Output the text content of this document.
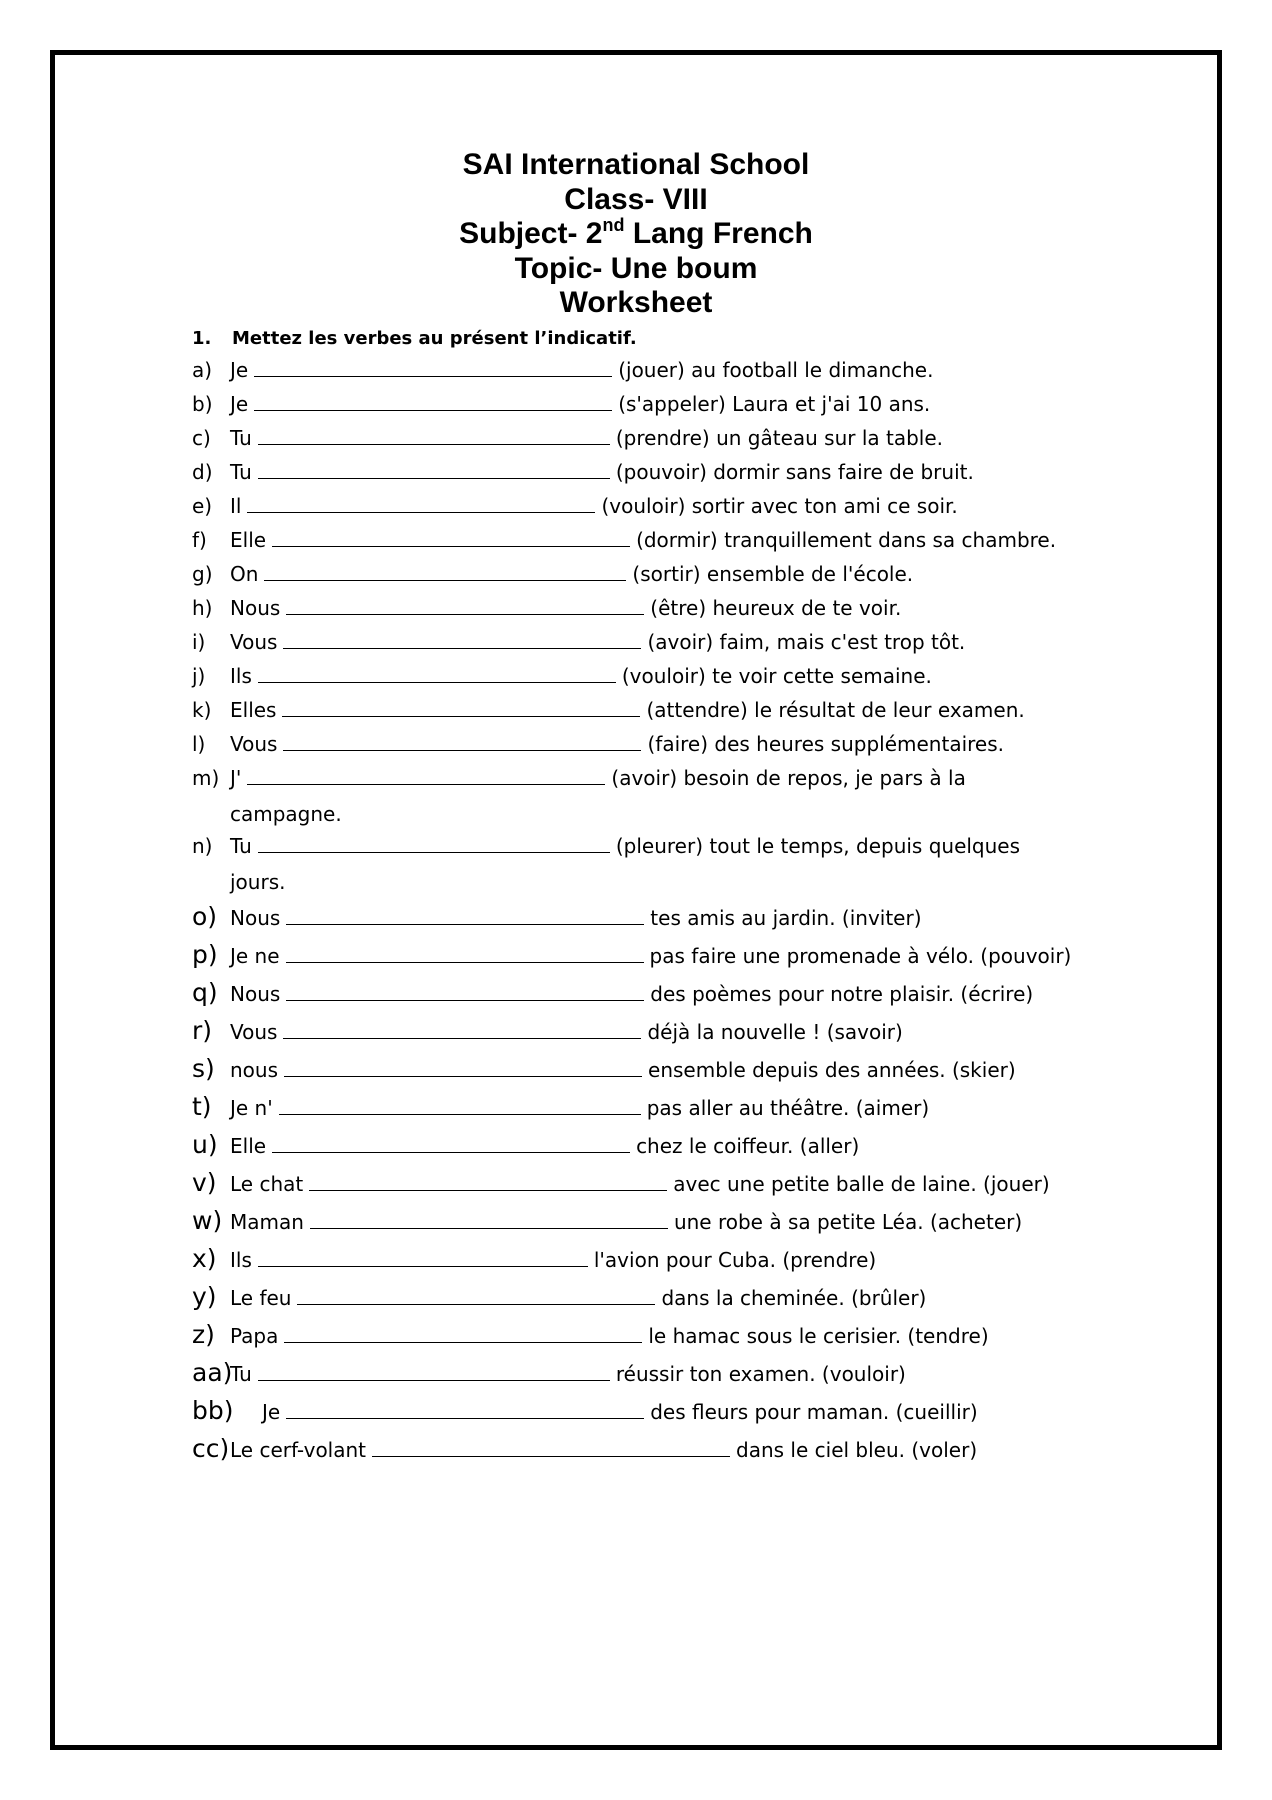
SAI International School
Class- VIII
Subject- 2nd Lang French
Topic- Une boum
Worksheet
1. Mettez les verbes au présent l’indicatif.
a) Je	(jouer) au football le dimanche.
b) Je	(s'appeler) Laura et j'ai 10 ans.
c) Tu	(prendre) un gâteau sur la table.
d) Tu	(pouvoir) dormir sans faire de bruit.
e) Il	(vouloir) sortir avec ton ami ce soir.
f) Elle	(dormir) tranquillement dans sa chambre.
g) On	(sortir) ensemble de l'école.
h) Nous	(être) heureux de te voir.
i) Vous	(avoir) faim, mais c'est trop tôt.
j) Ils	(vouloir) te voir cette semaine.
k) Elles	(attendre) le résultat de leur examen.
l) Vous	(faire) des heures supplémentaires.
m) J'	(avoir) besoin de repos, je pars à la
campagne.
n) Tu	(pleurer) tout le temps, depuis quelques
jours.
o) Nous	tes amis au jardin. (inviter)
p) Je ne	pas faire une promenade à vélo. (pouvoir)
q) Nous	des poèmes pour notre plaisir. (écrire)
r) Vous	déjà la nouvelle ! (savoir)
s) nous	ensemble depuis des années. (skier)
t) Je n'	pas aller au théâtre. (aimer)
u) Elle	chez le coiffeur. (aller)
v) Le chat	avec une petite balle de laine. (jouer)
w) Maman	une robe à sa petite Léa. (acheter)
x) Ils	l'avion pour Cuba. (prendre)
y) Le feu	dans la cheminée. (brûler)
z) Papa	le hamac sous le cerisier. (tendre)
aa)Tu	réussir ton examen. (vouloir)
bb) Je	des fleurs pour maman. (cueillir)
cc)Le cerf-volant	dans le ciel bleu. (voler)
